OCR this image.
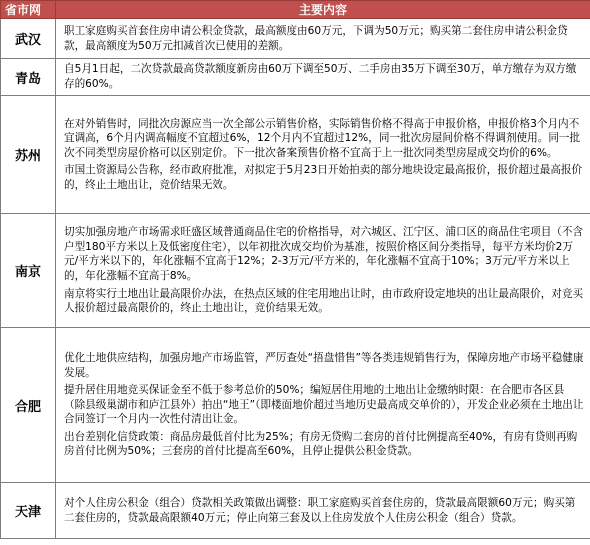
省市网	主要内容
武汉	职工家庭购买首套住房申请公积金贷款，最高额度由60万元，下调为50万元；购买第二套住房申请公积金贷款，最高额度为50万元扣减首次已使用的差额。

青岛	自5月1日起，二次贷款最高贷款额度新房由60万下调至50万、二手房由35万下调至30万，单方缴存为双方缴存的60%。

苏州	在对外销售时，同批次房源应当一次全部公示销售价格，实际销售价格不得高于申报价格，申报价格3个月内不宜调高，6个月内调高幅度不宜超过6%，12个月内不宜超过12%，同一批次房屋间价格不得调剂使用。同一批次不同类型房屋价格可以区别定价。下一批次备案预售价格不宜高于上一批次同类型房屋成交均价的6%。

市国土资源局公告称，经市政府批准，对拟定于5月23日开始拍卖的部分地块设定最高报价，报价超过最高报价的，终止土地出让，竞价结果无效。

南京	切实加强房地产市场需求旺盛区域普通商品住宅的价格指导，对六城区、江宁区、浦口区的商品住宅项目（不含户型180平方米以上及低密度住宅），以年初批次成交均价为基准，按照价格区间分类指导，每平方米均价2万元/平方米以下的，年化涨幅不宜高于12%；2-3万元/平方米的，年化涨幅不宜高于10%；3万元/平方米以上的，年化涨幅不宜高于8%。

南京将实行土地出让最高限价办法，在热点区域的住宅用地出让时，由市政府设定地块的出让最高限价，对竞买人报价超过最高限价的，终止土地出让，竞价结果无效。

合肥	优化土地供应结构，加强房地产市场监管，严厉查处“捂盘惜售”等各类违规销售行为，保障房地产市场平稳健康发展。

提升居住用地竞买保证金至不低于参考总价的50%；编短居住用地的土地出让金缴纳时限：在合肥市各区县（除县级巢湖市和庐江县外）拍出“地王”（即楼面地价超过当地历史最高成交单价的），开发企业必须在土地出让合同签订一个月内一次性付清出让金。

出台差别化信贷政策：商品房最低首付比为25%；有房无贷购二套房的首付比例提高至40%，有房有贷则再购房首付比例为50%；三套房的首付比提高至60%，且停止提供公积金贷款。

天津	对个人住房公积金（组合）贷款相关政策做出调整：职工家庭购买首套住房的，贷款最高限额60万元；购买第二套住房的，贷款最高限额40万元；停止向第三套及以上住房发放个人住房公积金（组合）贷款。
